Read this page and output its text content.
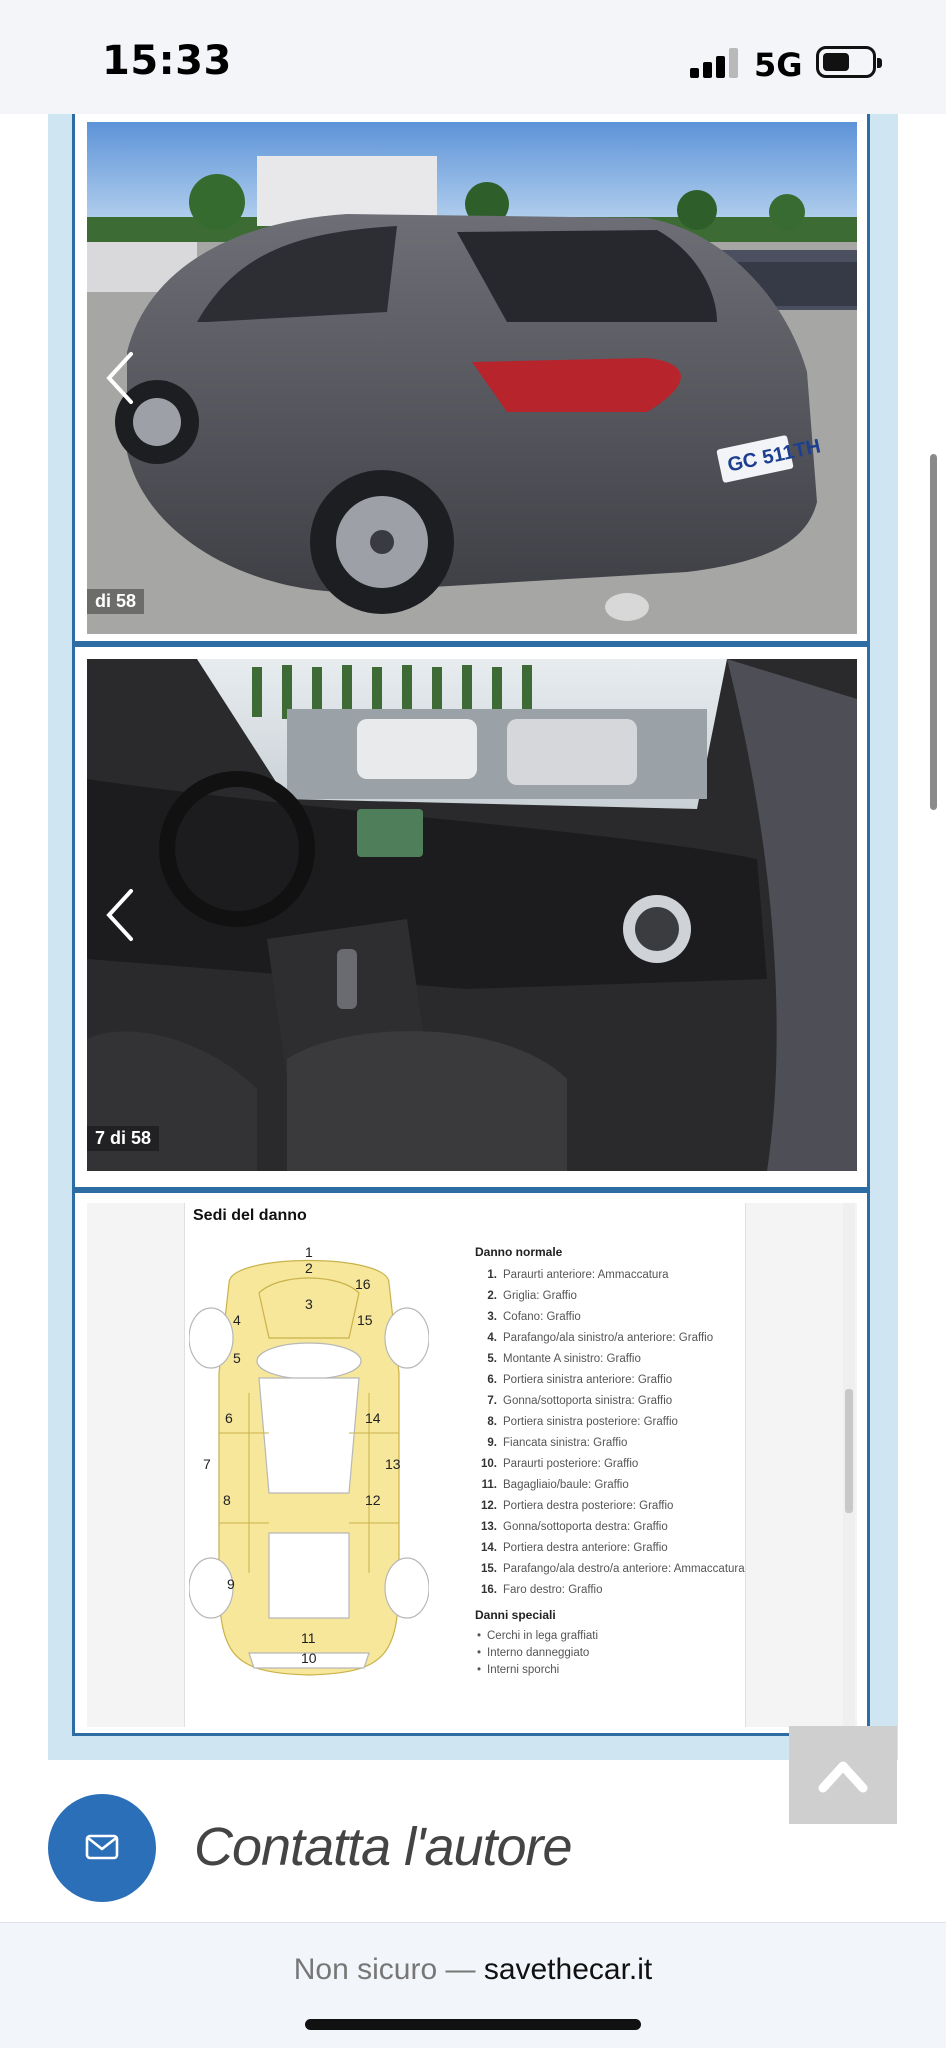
15:33	5G
GC 511TH
di 58
7 di 58
Sedi del danno
1
2
3
4
5
6
7
8
9
10
11
12
13
14
15
16
Danno normale
1. Paraurti anteriore: Ammaccatura
2. Griglia: Graffio
3. Cofano: Graffio
4. Parafango/ala sinistro/a anteriore: Graffio
5. Montante A sinistro: Graffio
6. Portiera sinistra anteriore: Graffio
7. Gonna/sottoporta sinistra: Graffio
8. Portiera sinistra posteriore: Graffio
9. Fiancata sinistra: Graffio
10. Paraurti posteriore: Graffio
11. Bagagliaio/baule: Graffio
12. Portiera destra posteriore: Graffio
13. Gonna/sottoporta destra: Graffio
14. Portiera destra anteriore: Graffio
15. Parafango/ala destro/a anteriore: Ammaccatura
16. Faro destro: Graffio
Danni speciali
• Cerchi in lega graffiati
• Interno danneggiato
• Interni sporchi
Contatta l'autore
Non sicuro — savethecar.it
